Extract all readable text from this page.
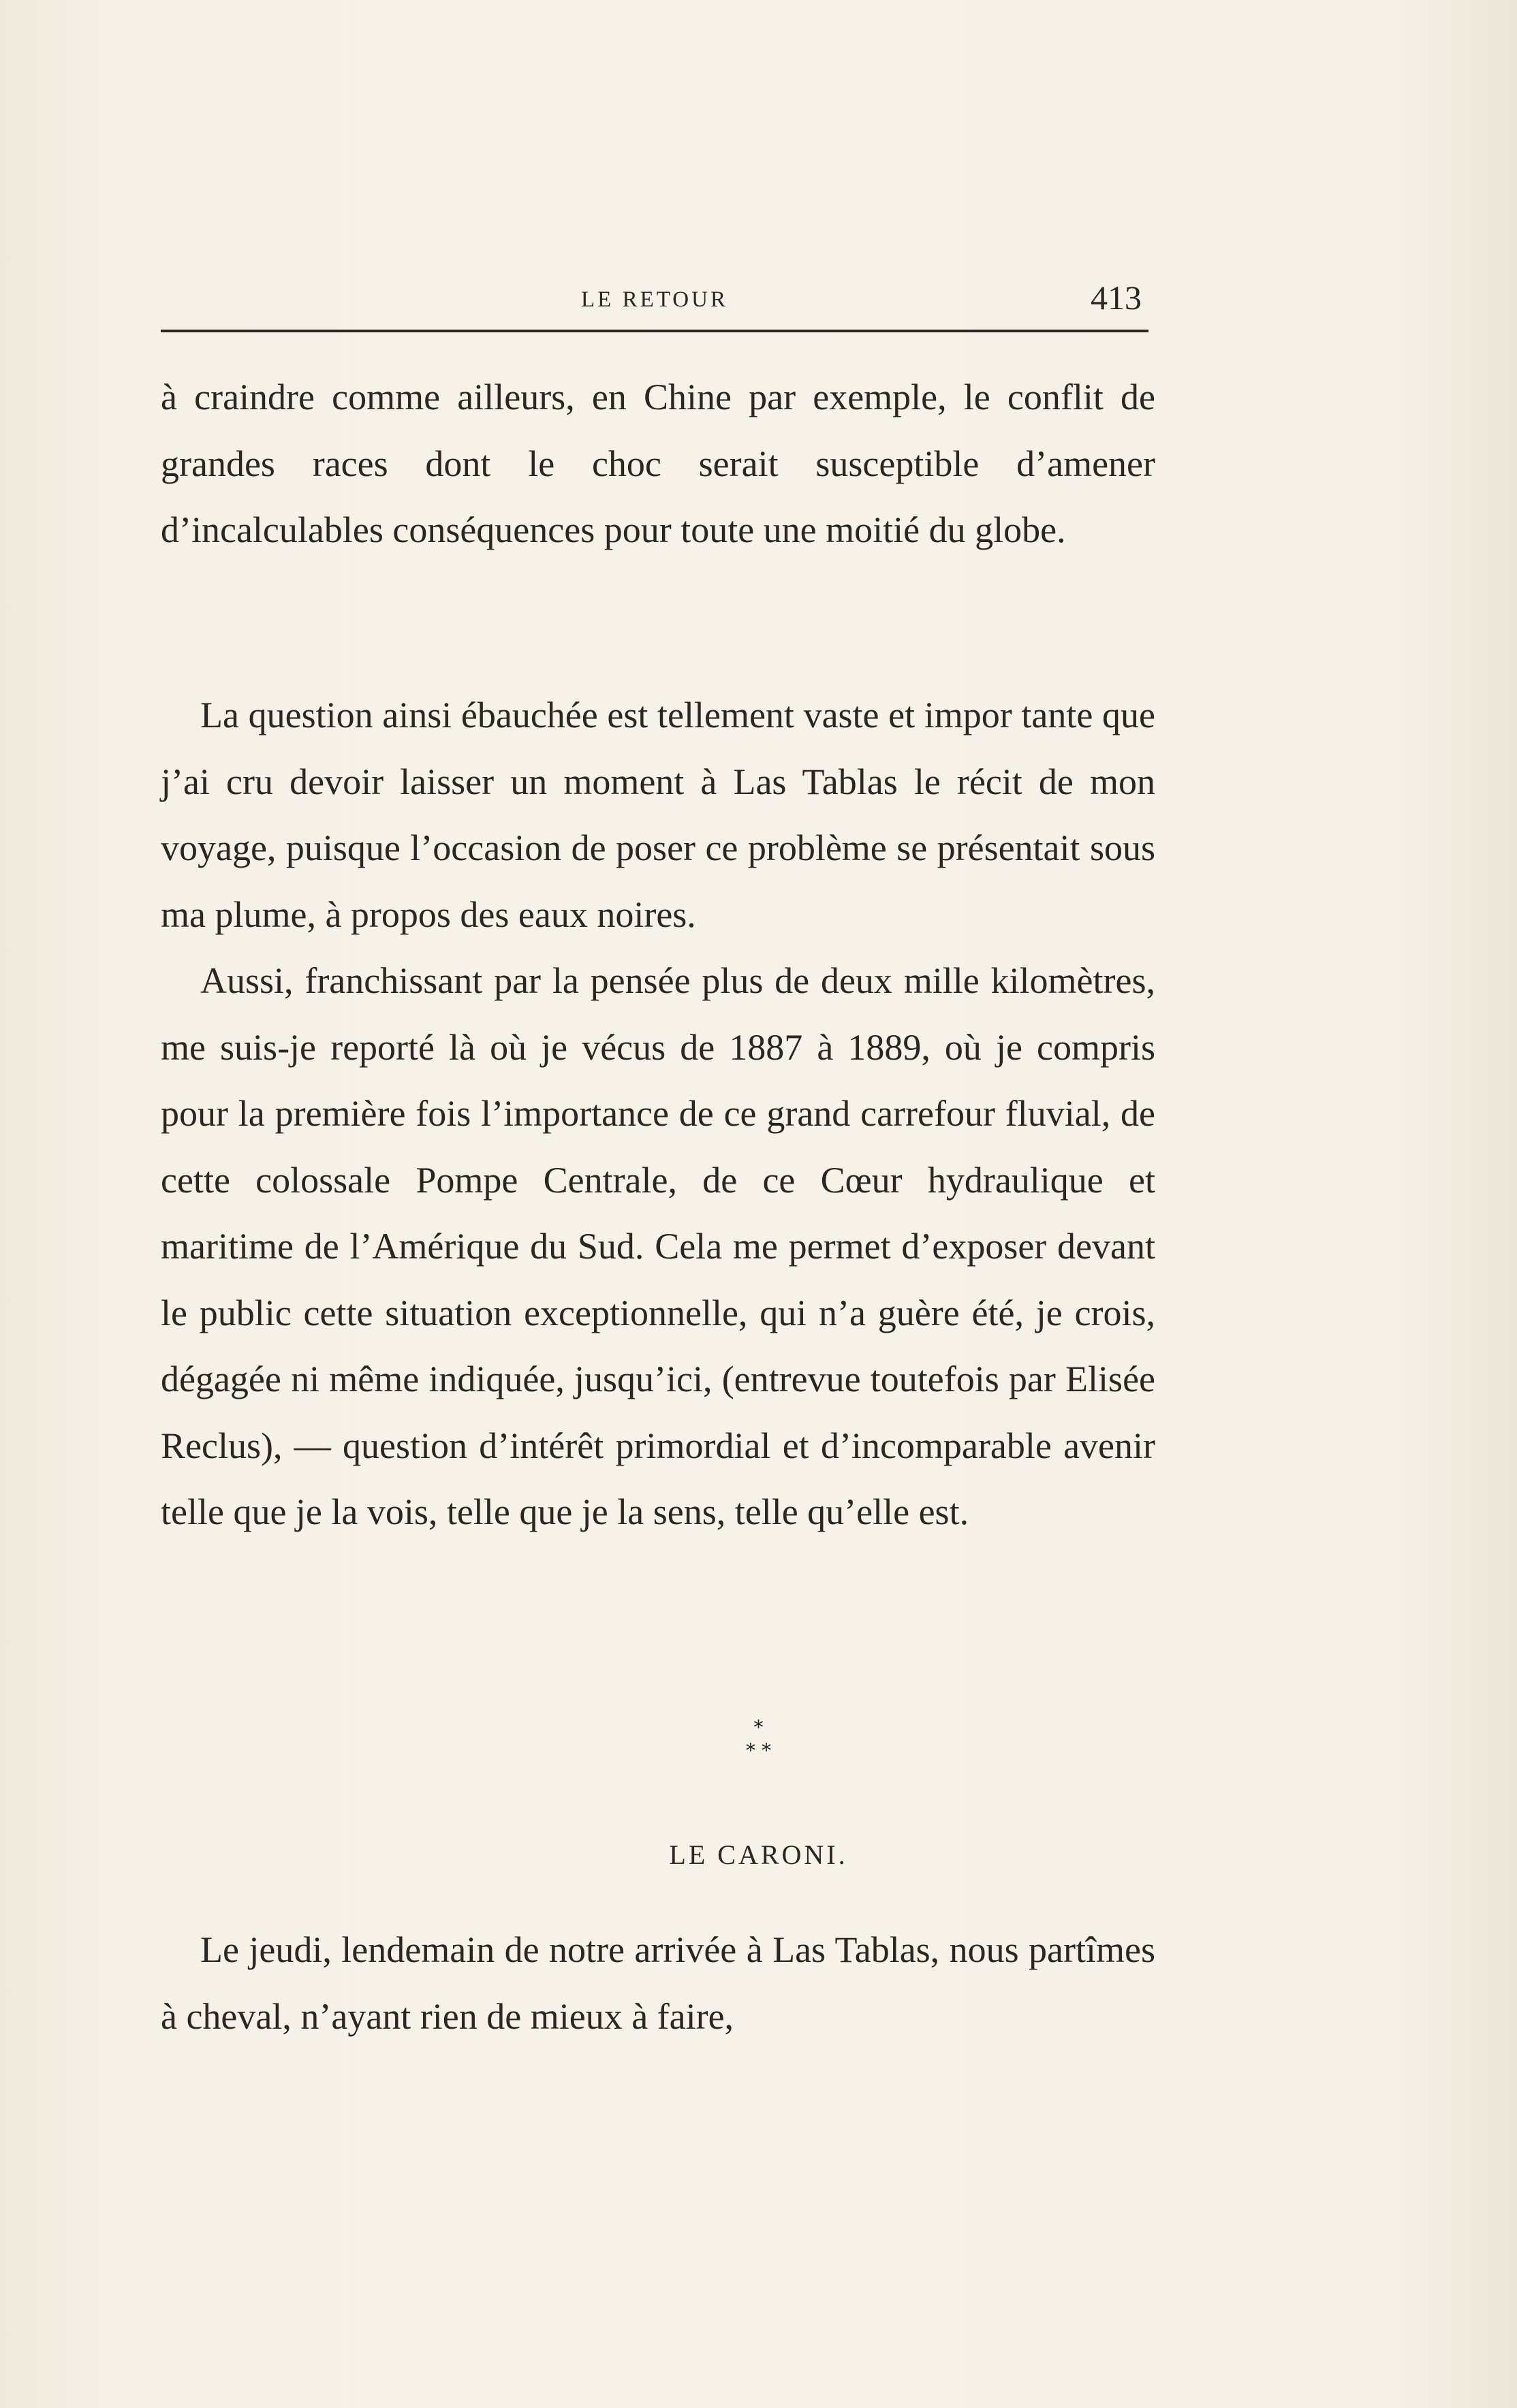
LE RETOUR	413

à craindre comme ailleurs, en Chine par exemple, le conflit de grandes races dont le choc serait susceptible d’amener d’incalculables conséquences pour toute une moitié du globe.

La question ainsi ébauchée est tellement vaste et impor tante que j’ai cru devoir laisser un moment à Las Tablas le récit de mon voyage, puisque l’occasion de poser ce problème se présentait sous ma plume, à propos des eaux noires.

Aussi, franchissant par la pensée plus de deux mille kilomètres, me suis-je reporté là où je vécus de 1887 à 1889, où je compris pour la première fois l’importance de ce grand carrefour fluvial, de cette colossale Pompe Centrale, de ce Cœur hydraulique et maritime de l’Amérique du Sud. Cela me permet d’exposer devant le public cette situation exceptionnelle, qui n’a guère été, je crois, dégagée ni même indiquée, jusqu’ici, (entrevue toutefois par Elisée Reclus), — question d’intérêt primordial et d’incomparable avenir telle que je la vois, telle que je la sens, telle qu’elle est.

*
* *
LE CARONI.

Le jeudi, lendemain de notre arrivée à Las Tablas, nous partîmes à cheval, n’ayant rien de mieux à faire,
